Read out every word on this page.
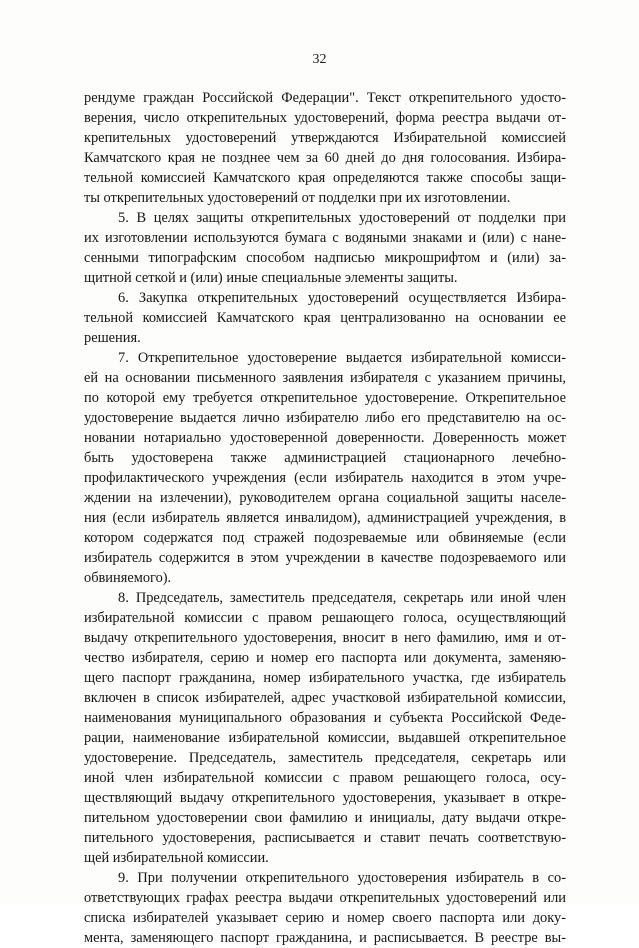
32

рендуме граждан Российской Федерации". Текст открепительного удосто-
верения, число открепительных удостоверений, форма реестра выдачи от-
крепительных удостоверений утверждаются Избирательной комиссией
Камчатского края не позднее чем за 60 дней до дня голосования. Избира-
тельной комиссией Камчатского края определяются также способы защи-
ты открепительных удостоверений от подделки при их изготовлении.

5. В целях защиты открепительных удостоверений от подделки при
их изготовлении используются бумага с водяными знаками и (или) с нане-
сенными типографским способом надписью микрошрифтом и (или) за-
щитной сеткой и (или) иные специальные элементы защиты.

6. Закупка открепительных удостоверений осуществляется Избира-
тельной комиссией Камчатского края централизованно на основании ее
решения.

7. Открепительное удостоверение выдается избирательной комисси-
ей на основании письменного заявления избирателя с указанием причины,
по которой ему требуется открепительное удостоверение. Открепительное
удостоверение выдается лично избирателю либо его представителю на ос-
новании нотариально удостоверенной доверенности. Доверенность может
быть удостоверена также администрацией стационарного лечебно-
профилактического учреждения (если избиратель находится в этом учре-
ждении на излечении), руководителем органа социальной защиты населе-
ния (если избиратель является инвалидом), администрацией учреждения, в
котором содержатся под стражей подозреваемые или обвиняемые (если
избиратель содержится в этом учреждении в качестве подозреваемого или
обвиняемого).

8. Председатель, заместитель председателя, секретарь или иной член
избирательной комиссии с правом решающего голоса, осуществляющий
выдачу открепительного удостоверения, вносит в него фамилию, имя и от-
чество избирателя, серию и номер его паспорта или документа, заменяю-
щего паспорт гражданина, номер избирательного участка, где избиратель
включен в список избирателей, адрес участковой избирательной комиссии,
наименования муниципального образования и субъекта Российской Феде-
рации, наименование избирательной комиссии, выдавшей открепительное
удостоверение. Председатель, заместитель председателя, секретарь или
иной член избирательной комиссии с правом решающего голоса, осу-
ществляющий выдачу открепительного удостоверения, указывает в откре-
пительном удостоверении свои фамилию и инициалы, дату выдачи откре-
пительного удостоверения, расписывается и ставит печать соответствую-
щей избирательной комиссии.

9. При получении открепительного удостоверения избиратель в со-
ответствующих графах реестра выдачи открепительных удостоверений или
списка избирателей указывает серию и номер своего паспорта или доку-
мента, заменяющего паспорт гражданина, и расписывается. В реестре вы-
